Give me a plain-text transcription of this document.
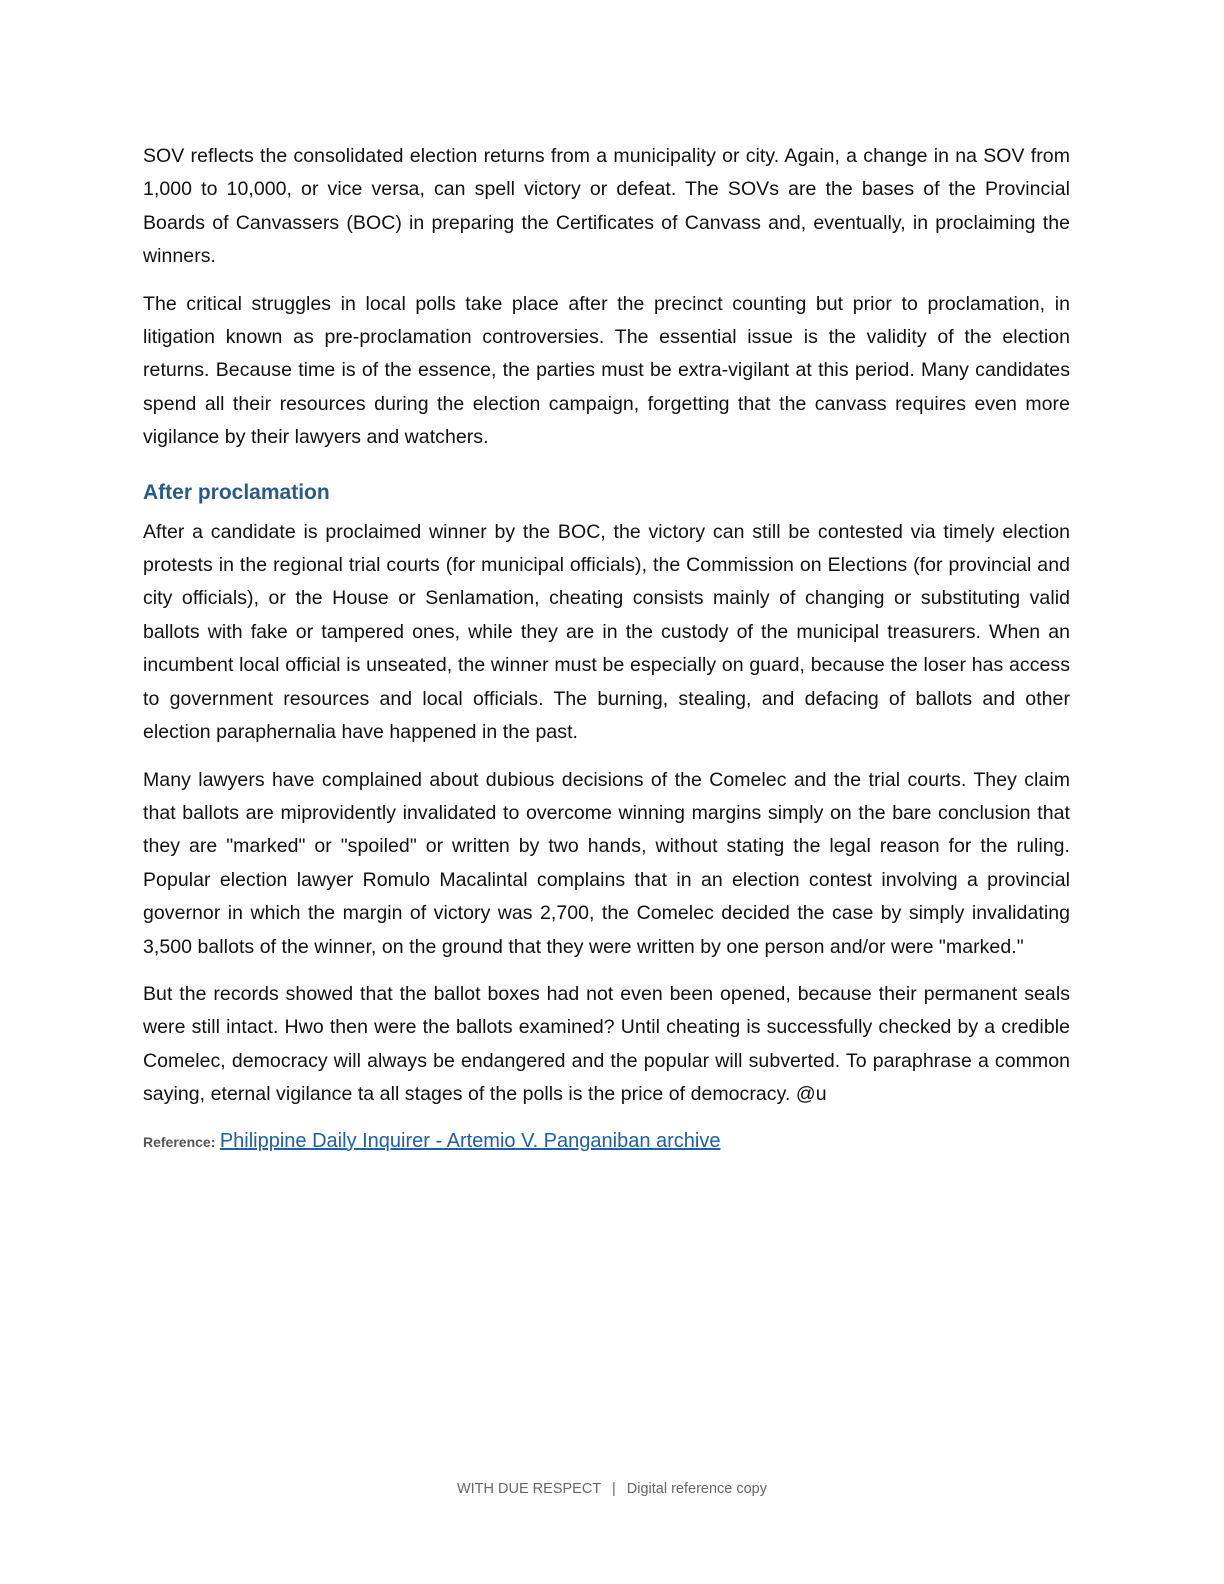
SOV reflects the consolidated election returns from a municipality or city. Again, a change in na SOV from 1,000 to 10,000, or vice versa, can spell victory or defeat. The SOVs are the bases of the Provincial Boards of Canvassers (BOC) in preparing the Certificates of Canvass and, eventually, in proclaiming the winners.

The critical struggles in local polls take place after the precinct counting but prior to proclamation, in litigation known as pre-proclamation controversies. The essential issue is the validity of the election returns. Because time is of the essence, the parties must be extra-vigilant at this period. Many candidates spend all their resources during the election campaign, forgetting that the canvass requires even more vigilance by their lawyers and watchers.

After proclamation

After a candidate is proclaimed winner by the BOC, the victory can still be contested via timely election protests in the regional trial courts (for municipal officials), the Commission on Elections (for provincial and city officials), or the House or Senlamation, cheating consists mainly of changing or substituting valid ballots with fake or tampered ones, while they are in the custody of the municipal treasurers. When an incumbent local official is unseated, the winner must be especially on guard, because the loser has access to government resources and local officials. The burning, stealing, and defacing of ballots and other election paraphernalia have happened in the past.

Many lawyers have complained about dubious decisions of the Comelec and the trial courts. They claim that ballots are miprovidently invalidated to overcome winning margins simply on the bare conclusion that they are "marked" or "spoiled" or written by two hands, without stating the legal reason for the ruling. Popular election lawyer Romulo Macalintal complains that in an election contest involving a provincial governor in which the margin of victory was 2,700, the Comelec decided the case by simply invalidating 3,500 ballots of the winner, on the ground that they were written by one person and/or were "marked."

But the records showed that the ballot boxes had not even been opened, because their permanent seals were still intact. Hwo then were the ballots examined? Until cheating is successfully checked by a credible Comelec, democracy will always be endangered and the popular will subverted. To paraphrase a common saying, eternal vigilance ta all stages of the polls is the price of democracy. @u

Reference: Philippine Daily Inquirer - Artemio V. Panganiban archive
WITH DUE RESPECT | Digital reference copy
